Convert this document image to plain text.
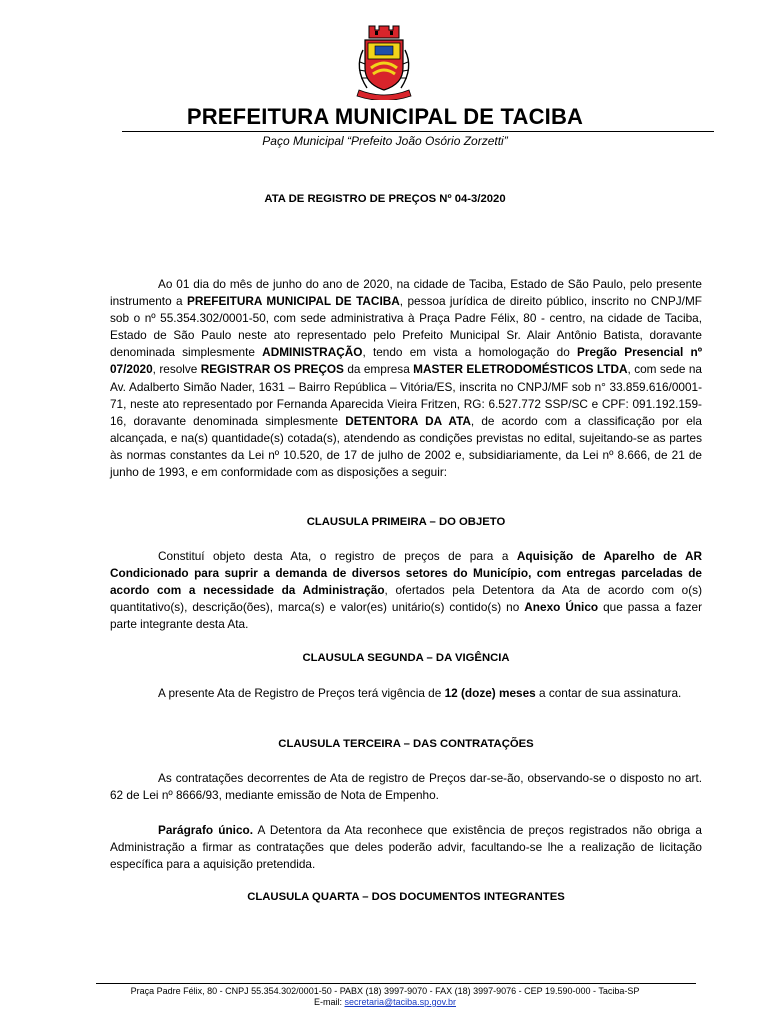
PREFEITURA MUNICIPAL DE TACIBA
Paço Municipal “Prefeito João Osório Zorzetti”
ATA DE REGISTRO DE PREÇOS Nº 04-3/2020

Ao 01 dia do mês de junho do ano de 2020, na cidade de Taciba, Estado de São Paulo, pelo presente instrumento a PREFEITURA MUNICIPAL DE TACIBA, pessoa jurídica de direito público, inscrito no CNPJ/MF sob o nº 55.354.302/0001-50, com sede administrativa à Praça Padre Félix, 80 - centro, na cidade de Taciba, Estado de São Paulo neste ato representado pelo Prefeito Municipal Sr. Alair Antônio Batista, doravante denominada simplesmente ADMINISTRAÇÃO, tendo em vista a homologação do Pregão Presencial nº 07/2020, resolve REGISTRAR OS PREÇOS da empresa MASTER ELETRODOMÉSTICOS LTDA, com sede na Av. Adalberto Simão Nader, 1631 – Bairro República – Vitória/ES, inscrita no CNPJ/MF sob n° 33.859.616/0001-71, neste ato representado por Fernanda Aparecida Vieira Fritzen, RG: 6.527.772 SSP/SC e CPF: 091.192.159-16, doravante denominada simplesmente DETENTORA DA ATA, de acordo com a classificação por ela alcançada, e na(s) quantidade(s) cotada(s), atendendo as condições previstas no edital, sujeitando-se as partes às normas constantes da Lei nº 10.520, de 17 de julho de 2002 e, subsidiariamente, da Lei nº 8.666, de 21 de junho de 1993, e em conformidade com as disposições a seguir:

CLAUSULA PRIMEIRA – DO OBJETO

Constituí objeto desta Ata, o registro de preços de para a Aquisição de Aparelho de AR Condicionado para suprir a demanda de diversos setores do Município, com entregas parceladas de acordo com a necessidade da Administração, ofertados pela Detentora da Ata de acordo com o(s) quantitativo(s), descrição(ões), marca(s) e valor(es) unitário(s) contido(s) no Anexo Único que passa a fazer parte integrante desta Ata.

CLAUSULA SEGUNDA – DA VIGÊNCIA

A presente Ata de Registro de Preços terá vigência de 12 (doze) meses a contar de sua assinatura.

CLAUSULA TERCEIRA – DAS CONTRATAÇÕES

As contratações decorrentes de Ata de registro de Preços dar-se-ão, observando-se o disposto no art. 62 de Lei nº 8666/93, mediante emissão de Nota de Empenho.

Parágrafo único. A Detentora da Ata reconhece que existência de preços registrados não obriga a Administração a firmar as contratações que deles poderão advir, facultando-se lhe a realização de licitação específica para a aquisição pretendida.

CLAUSULA QUARTA – DOS DOCUMENTOS INTEGRANTES
Praça Padre Félix, 80 - CNPJ 55.354.302/0001-50 - PABX (18) 3997-9070 - FAX (18) 3997-9076 - CEP 19.590-000 - Taciba-SP
E-mail: secretaria@taciba.sp.gov.br
